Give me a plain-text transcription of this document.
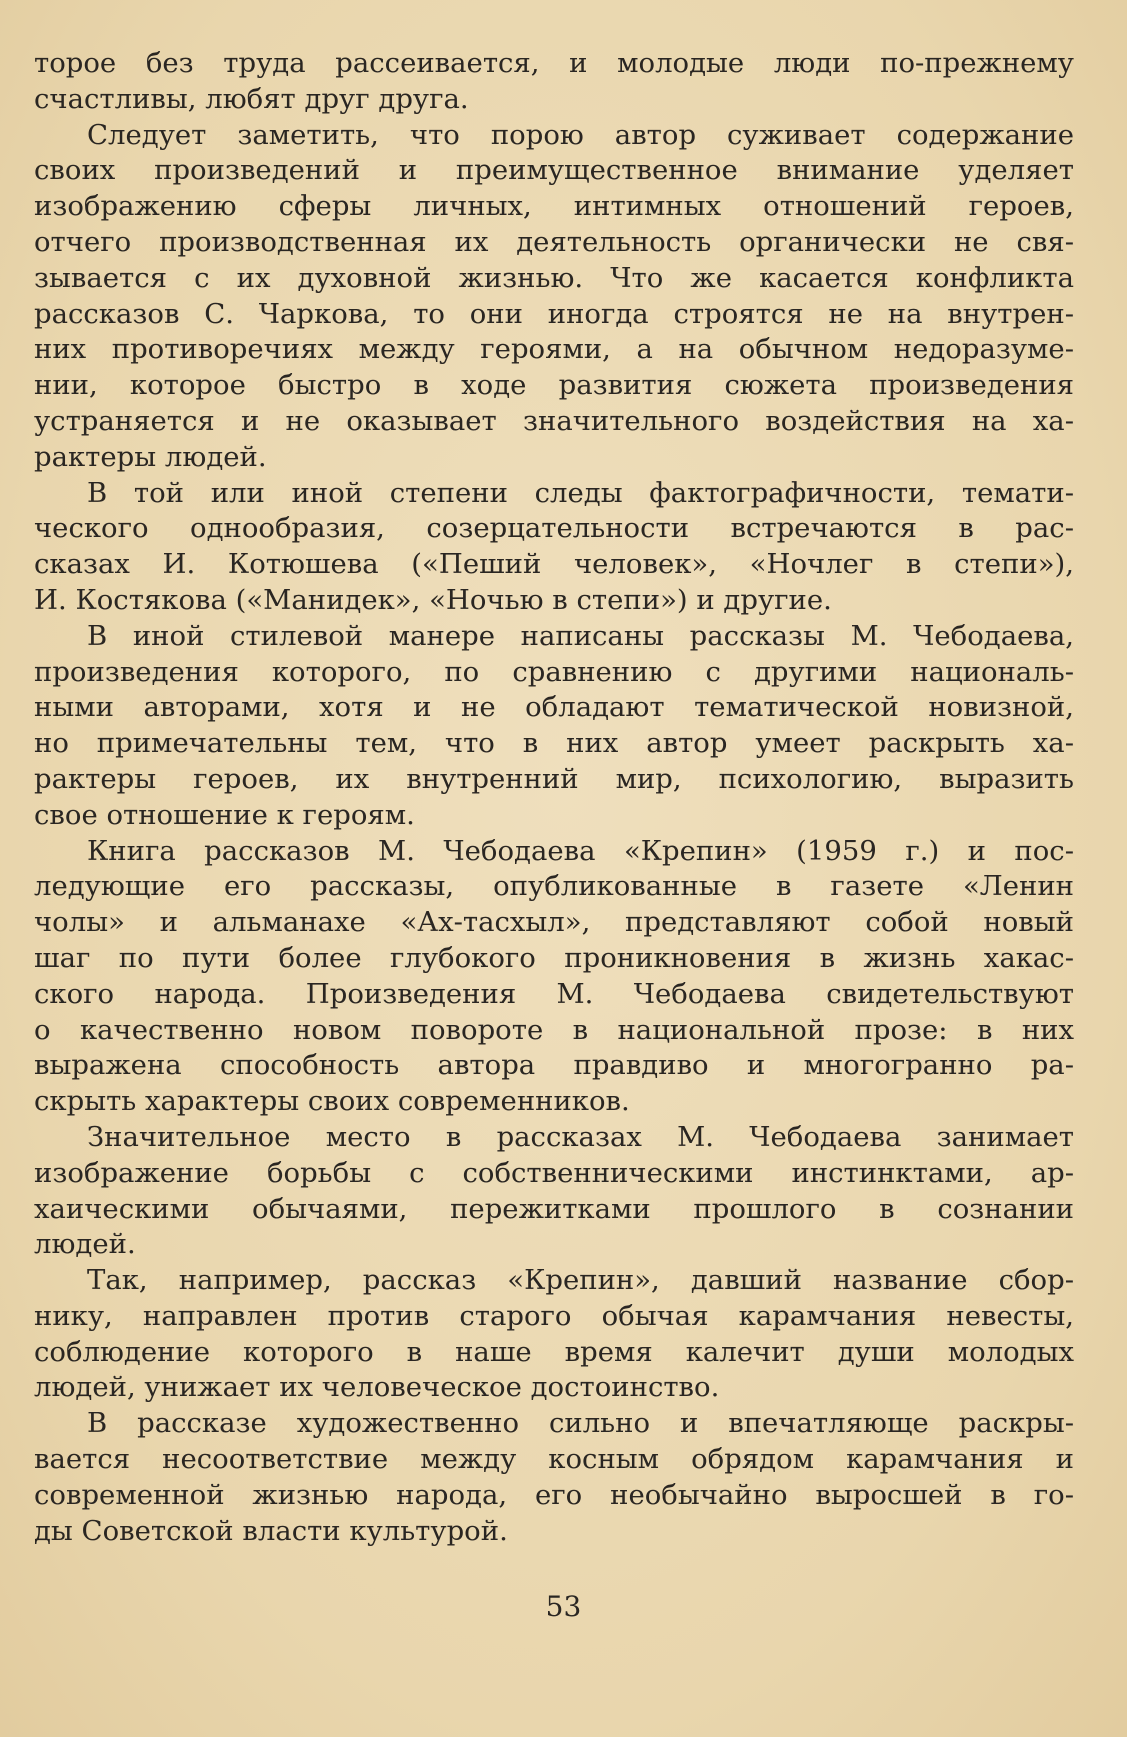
торое без труда рассеивается, и молодые люди по-прежнему
счастливы, любят друг друга.
Следует заметить, что порою автор суживает содержание
своих произведений и преимущественное внимание уделяет
изображению сферы личных, интимных отношений героев,
отчего производственная их деятельность органически не свя-
зывается с их духовной жизнью. Что же касается конфликта
рассказов С. Чаркова, то они иногда строятся не на внутрен-
них противоречиях между героями, а на обычном недоразуме-
нии, которое быстро в ходе развития сюжета произведения
устраняется и не оказывает значительного воздействия на ха-
рактеры людей.
В той или иной степени следы фактографичности, темати-
ческого однообразия, созерцательности встречаются в рас-
сказах И. Котюшева («Пеший человек», «Ночлег в степи»),
И. Костякова («Манидек», «Ночью в степи») и другие.
В иной стилевой манере написаны рассказы М. Чебодаева,
произведения которого, по сравнению с другими националь-
ными авторами, хотя и не обладают тематической новизной,
но примечательны тем, что в них автор умеет раскрыть ха-
рактеры героев, их внутренний мир, психологию, выразить
свое отношение к героям.
Книга рассказов М. Чебодаева «Крепин» (1959 г.) и пос-
ледующие его рассказы, опубликованные в газете «Ленин
чолы» и альманахе «Ах-тасхыл», представляют собой новый
шаг по пути более глубокого проникновения в жизнь хакас-
ского народа. Произведения М. Чебодаева свидетельствуют
о качественно новом повороте в национальной прозе: в них
выражена способность автора правдиво и многогранно ра-
скрыть характеры своих современников.
Значительное место в рассказах М. Чебодаева занимает
изображение борьбы с собственническими инстинктами, ар-
хаическими обычаями, пережитками прошлого в сознании
людей.
Так, например, рассказ «Крепин», давший название сбор-
нику, направлен против старого обычая карамчания невесты,
соблюдение которого в наше время калечит души молодых
людей, унижает их человеческое достоинство.
В рассказе художественно сильно и впечатляюще раскры-
вается несоответствие между косным обрядом карамчания и
современной жизнью народа, его необычайно выросшей в го-
ды Советской власти культурой.
53
